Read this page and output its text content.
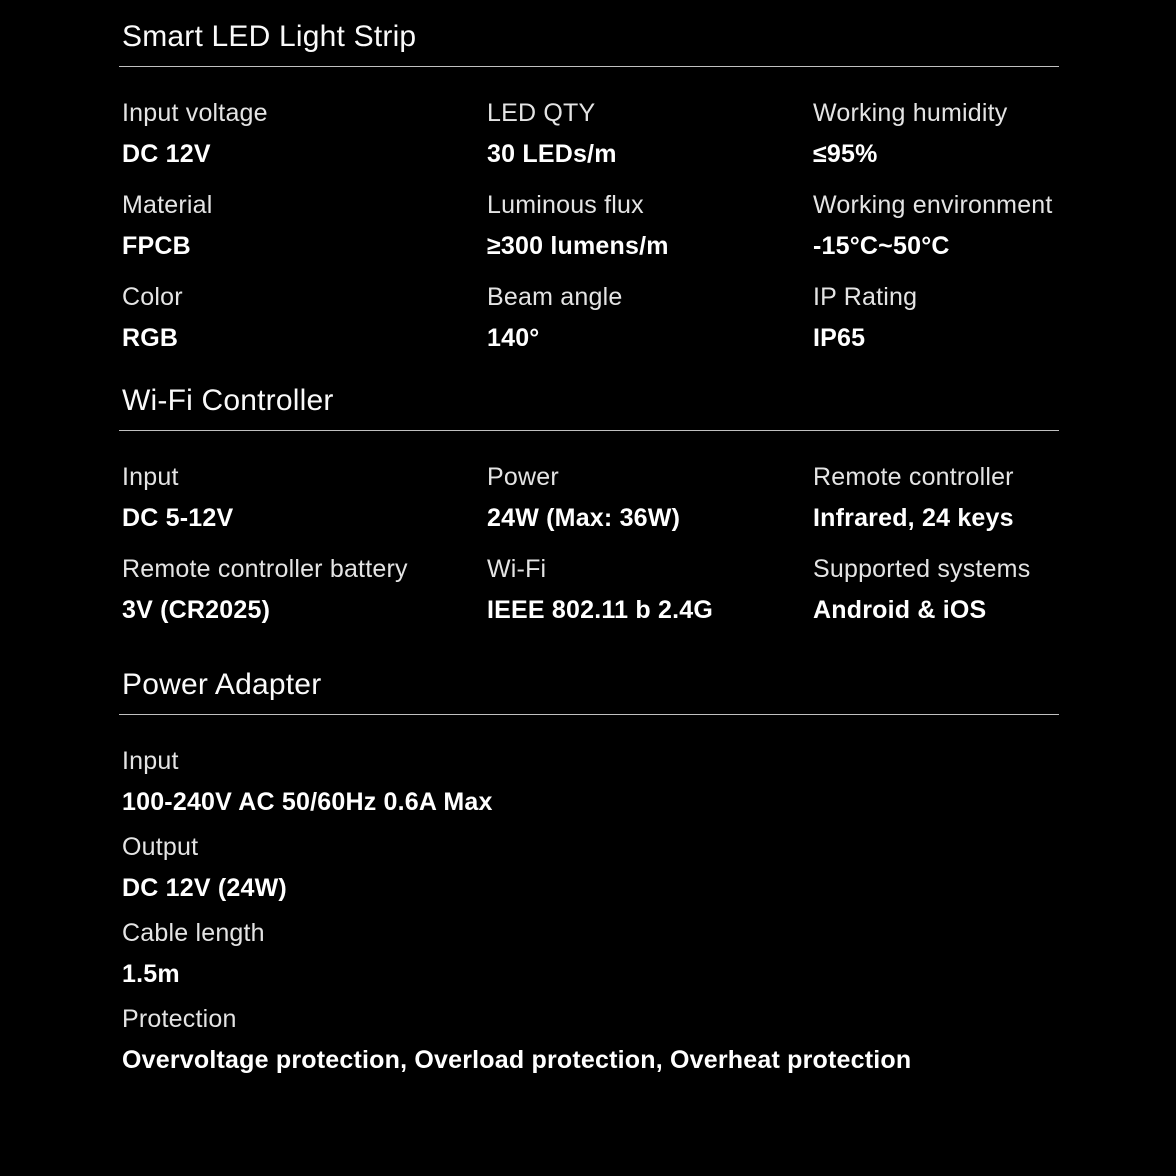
Smart LED Light Strip
Input voltage
DC 12V
LED QTY
30 LEDs/m
Working humidity
≤95%
Material
FPCB
Luminous flux
≥300 lumens/m
Working environment
-15°C~50°C
Color
RGB
Beam angle
140°
IP Rating
IP65
Wi-Fi Controller
Input
DC 5-12V
Power
24W (Max: 36W)
Remote controller
Infrared, 24 keys
Remote controller battery
3V (CR2025)
Wi-Fi
IEEE 802.11 b 2.4G
Supported systems
Android & iOS
Power Adapter
Input
100-240V AC 50/60Hz 0.6A Max
Output
DC 12V (24W)
Cable length
1.5m
Protection
Overvoltage protection, Overload protection, Overheat protection
